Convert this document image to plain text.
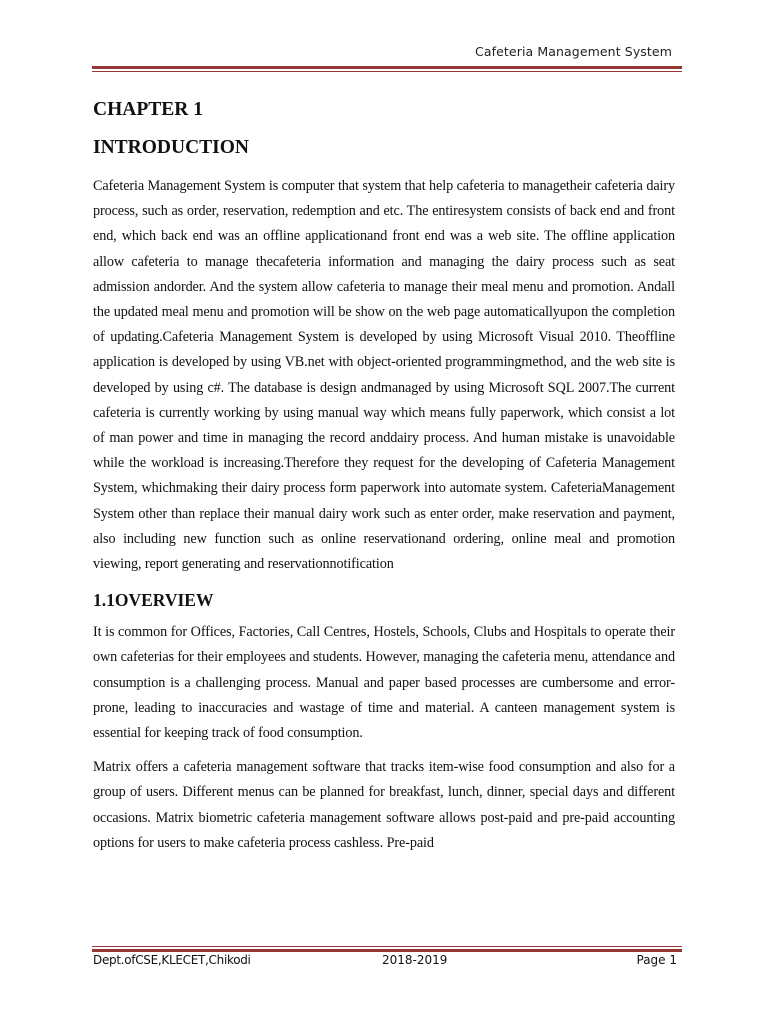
Cafeteria Management System
CHAPTER 1
INTRODUCTION

Cafeteria Management System is computer that system that help cafeteria to managetheir cafeteria dairy process, such as order, reservation, redemption and etc. The entiresystem consists of back end and front end, which back end was an offline applicationand front end was a web site. The offline application allow cafeteria to manage thecafeteria information and managing the dairy process such as seat admission andorder. And the system allow cafeteria to manage their meal menu and promotion. Andall the updated meal menu and promotion will be show on the web page automaticallyupon the completion of updating.Cafeteria Management System is developed by using Microsoft Visual 2010. Theoffline application is developed by using VB.net with object-oriented programmingmethod, and the web site is developed by using c#. The database is design andmanaged by using Microsoft SQL 2007.The current cafeteria is currently working by using manual way which means fully paperwork, which consist a lot of man power and time in managing the record anddairy process. And human mistake is unavoidable while the workload is increasing.Therefore they request for the developing of Cafeteria Management System, whichmaking their dairy process form paperwork into automate system. CafeteriaManagement System other than replace their manual dairy work such as enter order, make reservation and payment, also including new function such as online reservationand ordering, online meal and promotion viewing, report generating and reservationnotification

1.1OVERVIEW

It is common for Offices, Factories, Call Centres, Hostels, Schools, Clubs and Hospitals to operate their own cafeterias for their employees and students. However, managing the cafeteria menu, attendance and consumption is a challenging process. Manual and paper based processes are cumbersome and error-prone, leading to inaccuracies and wastage of time and material. A canteen management system is essential for keeping track of food consumption.

Matrix offers a cafeteria management software that tracks item-wise food consumption and also for a group of users. Different menus can be planned for breakfast, lunch, dinner, special days and different occasions. Matrix biometric cafeteria management software allows post-paid and pre-paid accounting options for users to make cafeteria process cashless. Pre-paid

Dept.ofCSE,KLECET,Chikodi	2018-2019	Page 1
